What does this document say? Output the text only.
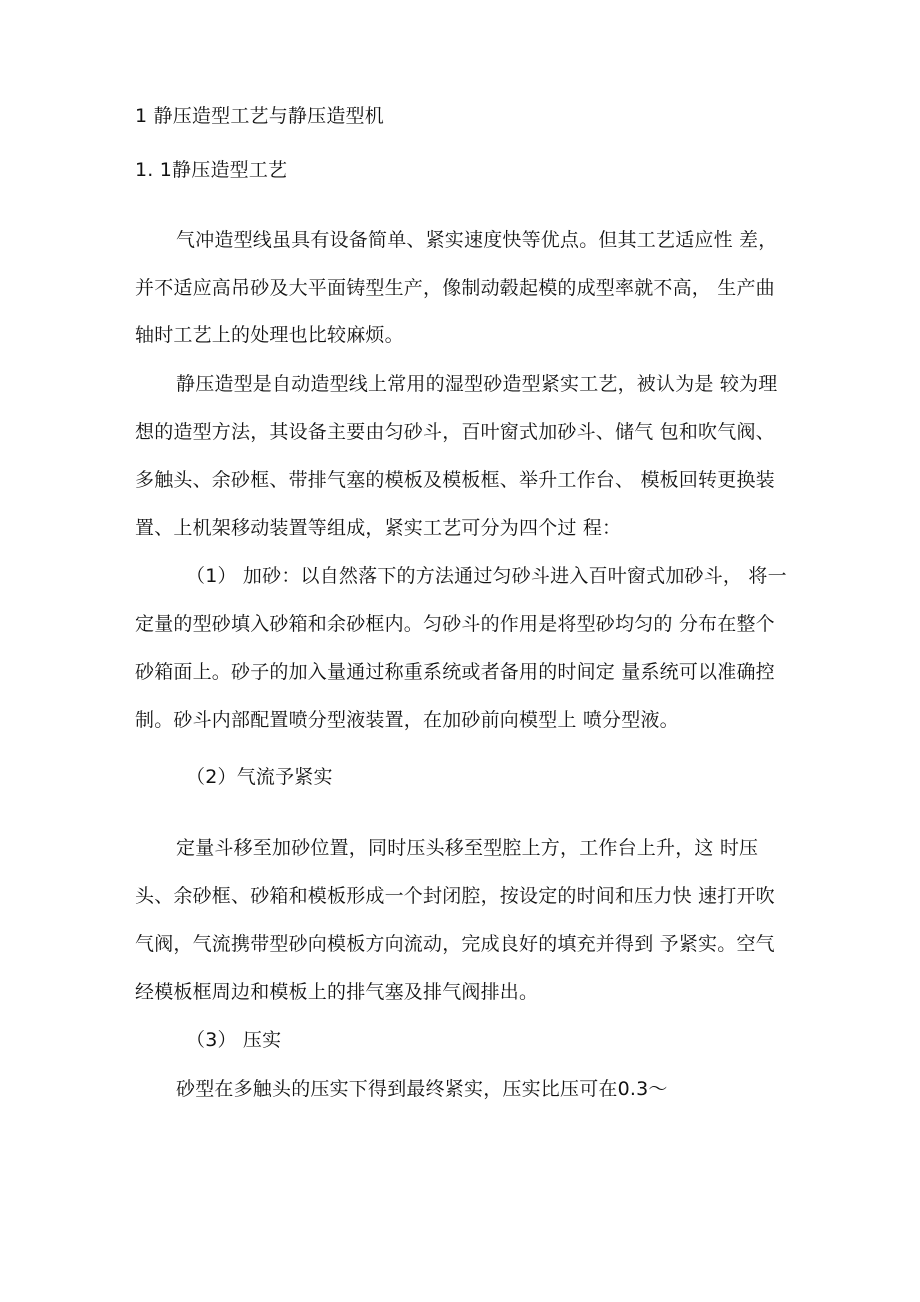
1 静压造型工艺与静压造型机
1. 1静压造型工艺
气冲造型线虽具有设备简单、紧实速度快等优点。但其工艺适应性 差，
并不适应高吊砂及大平面铸型生产，像制动毂起模的成型率就不高， 生产曲
轴时工艺上的处理也比较麻烦。
静压造型是自动造型线上常用的湿型砂造型紧实工艺，被认为是 较为理
想的造型方法，其设备主要由匀砂斗，百叶窗式加砂斗、储气 包和吹气阀、
多触头、余砂框、带排气塞的模板及模板框、举升工作台、 模板回转更换装
置、上机架移动装置等组成，紧实工艺可分为四个过 程：
（1） 加砂：以自然落下的方法通过匀砂斗进入百叶窗式加砂斗， 将一
定量的型砂填入砂箱和余砂框内。匀砂斗的作用是将型砂均匀的 分布在整个
砂箱面上。砂子的加入量通过称重系统或者备用的时间定 量系统可以准确控
制。砂斗内部配置喷分型液装置，在加砂前向模型上 喷分型液。
（2）气流予紧实
定量斗移至加砂位置，同时压头移至型腔上方，工作台上升，这 时压
头、余砂框、砂箱和模板形成一个封闭腔，按设定的时间和压力快 速打开吹
气阀，气流携带型砂向模板方向流动，完成良好的填充并得到 予紧实。空气
经模板框周边和模板上的排气塞及排气阀排出。
（3） 压实
砂型在多触头的压实下得到最终紧实，压实比压可在0.3～
